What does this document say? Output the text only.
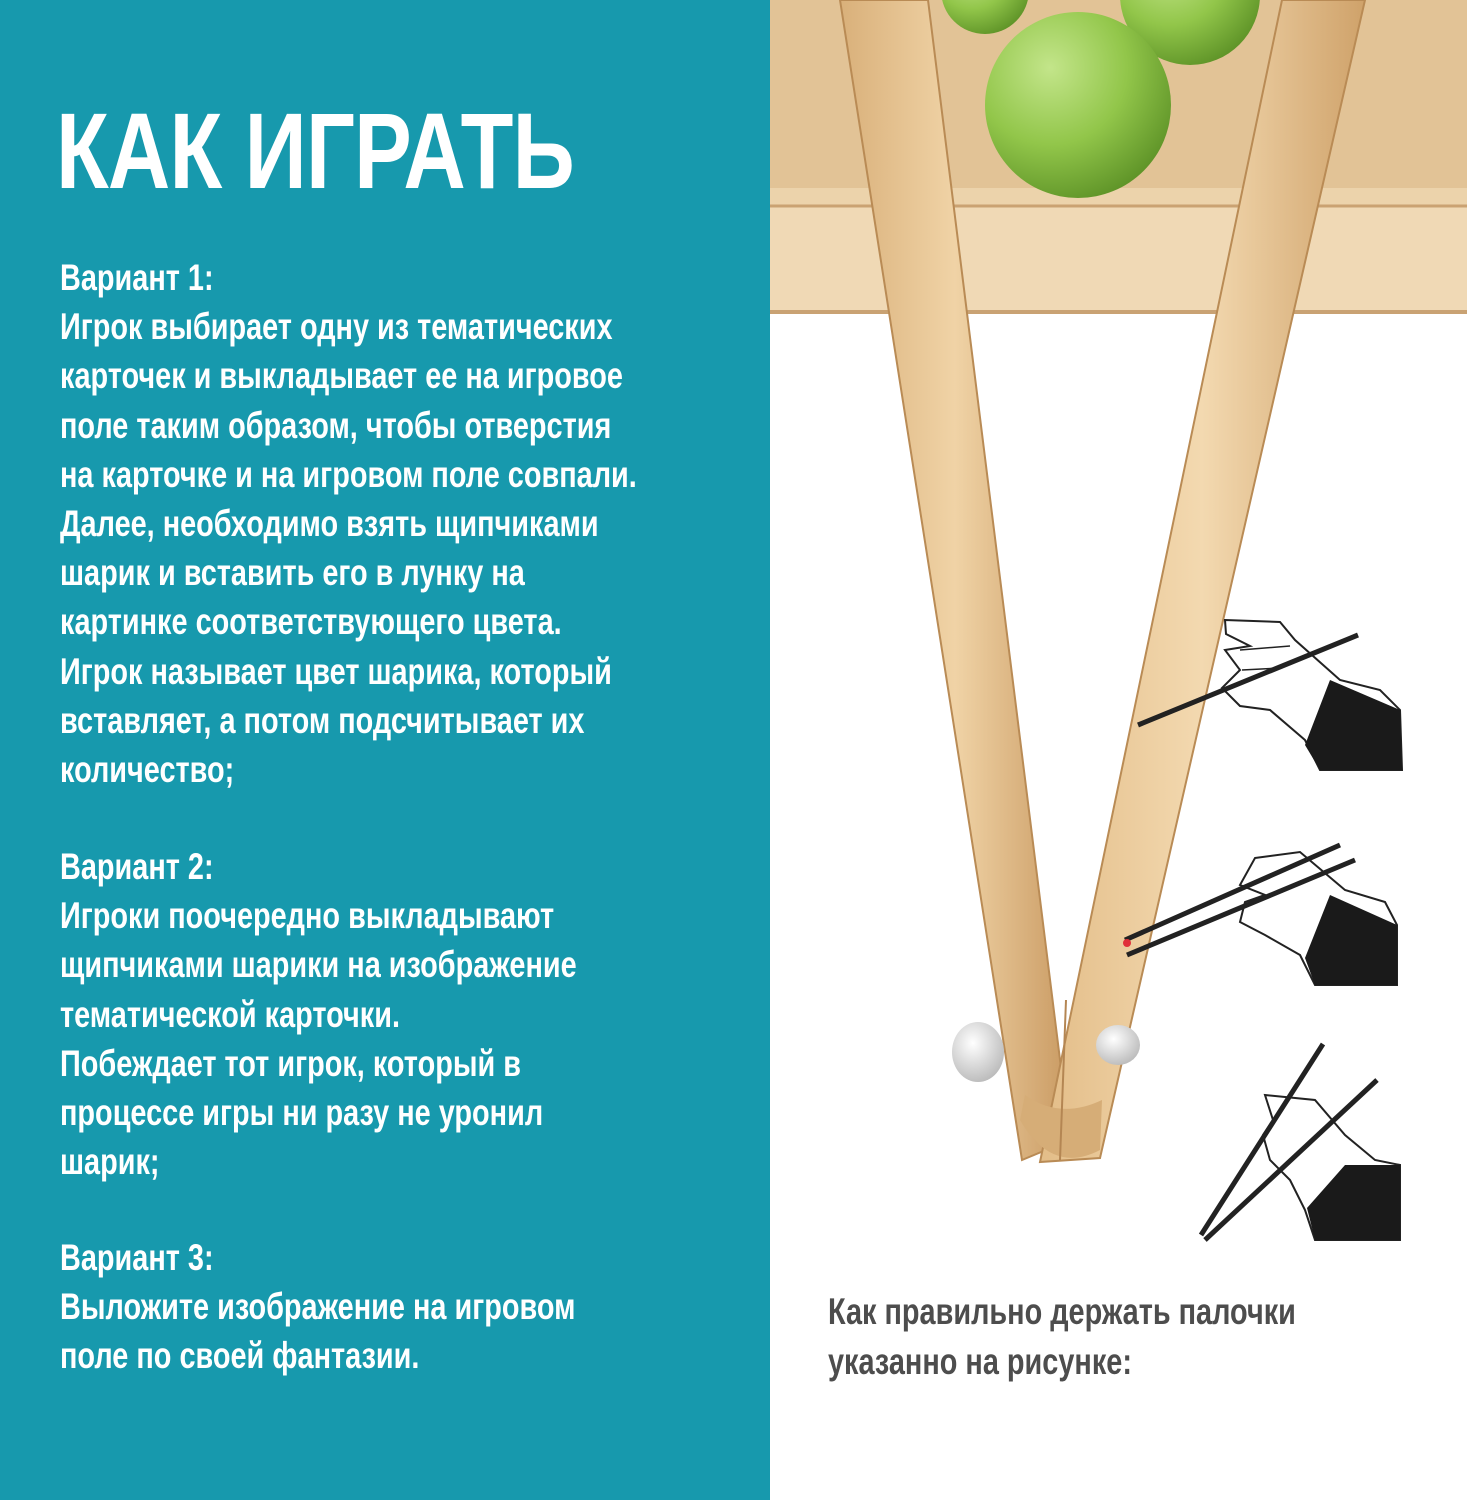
КАК ИГРАТЬ
Вариант 1:
Игрок выбирает одну из тематических
карточек и выкладывает ее на игровое
поле таким образом, чтобы отверстия
на карточке и на игровом поле совпали.
Далее, необходимо взять щипчиками
шарик и вставить его в лунку на
картинке соответствующего цвета.
Игрок называет цвет шарика, который
вставляет, а потом подсчитывает их
количество;
Вариант 2:
Игроки поочередно выкладывают
щипчиками шарики на изображение
тематической карточки.
Побеждает тот игрок, который в
процессе игры ни разу не уронил
шарик;
Вариант 3:
Выложите изображение на игровом
поле по своей фантазии.
Как правильно держать палочки
указанно на рисунке:
